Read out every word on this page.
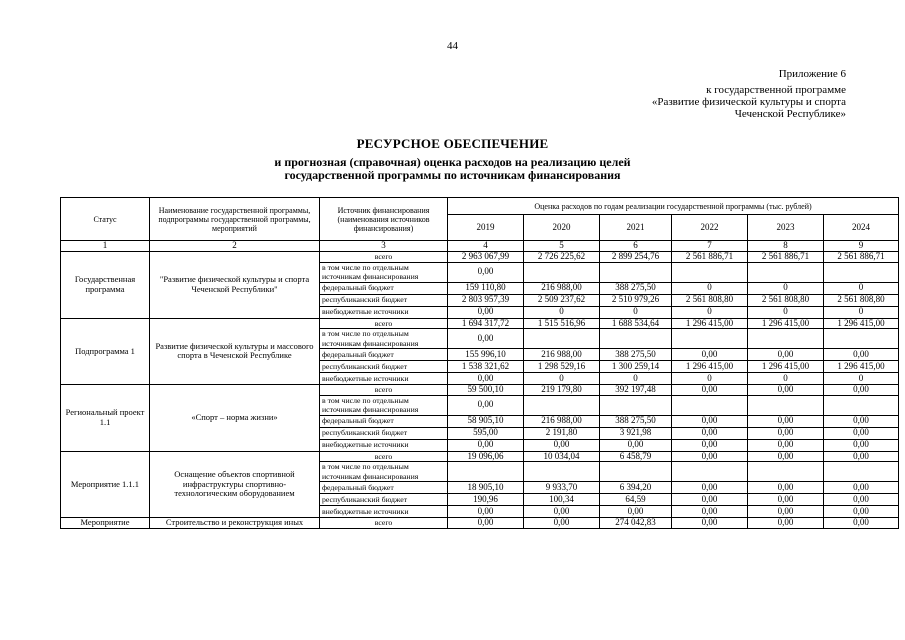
44
Приложение 6
к государственной программе
«Развитие физической культуры и спорта
Чеченской Республике»
РЕСУРСНОЕ ОБЕСПЕЧЕНИЕ
и прогнозная (справочная) оценка расходов на реализацию целей
государственной программы по источникам финансирования
Статус	Наименование государственной программы, подпрограммы государственной программы, мероприятий	Источник финансирования (наименования источников финансирования)	Оценка расходов по годам реализации государственной программы (тыс. рублей)					
			2019	2020	2021	2022	2023	2024
1	2	3	4	5	6	7	8	9
Государственная программа	"Развитие физической культуры и спорта Чеченской Республики"	всего	2 963 067,99	2 726 225,62	2 899 254,76	2 561 886,71	2 561 886,71	2 561 886,71
		в том числе по отдельным источникам финансирования	0,00					
		федеральный бюджет	159 110,80	216 988,00	388 275,50	0	0	0
		республиканский бюджет	2 803 957,39	2 509 237,62	2 510 979,26	2 561 808,80	2 561 808,80	2 561 808,80
		внебюджетные источники	0,00	0	0	0	0	0
Подпрограмма 1	Развитие физической культуры и массового спорта в Чеченской Республике	всего	1 694 317,72	1 515 516,96	1 688 534,64	1 296 415,00	1 296 415,00	1 296 415,00
		в том числе по отдельным источникам финансирования	0,00					
		федеральный бюджет	155 996,10	216 988,00	388 275,50	0,00	0,00	0,00
		республиканский бюджет	1 538 321,62	1 298 529,16	1 300 259,14	1 296 415,00	1 296 415,00	1 296 415,00
		внебюджетные источники	0,00	0	0	0	0	0
Региональный проект 1.1	«Спорт – норма жизни»	всего	59 500,10	219 179,80	392 197,48	0,00	0,00	0,00
		в том числе по отдельным источникам финансирования	0,00					
		федеральный бюджет	58 905,10	216 988,00	388 275,50	0,00	0,00	0,00
		республиканский бюджет	595,00	2 191,80	3 921,98	0,00	0,00	0,00
		внебюджетные источники	0,00	0,00	0,00	0,00	0,00	0,00
Мероприятие 1.1.1	Оснащение объектов спортивной инфраструктуры спортивно-технологическим оборудованием	всего	19 096,06	10 034,04	6 458,79	0,00	0,00	0,00
		в том числе по отдельным источникам финансирования						
		федеральный бюджет	18 905,10	9 933,70	6 394,20	0,00	0,00	0,00
		республиканский бюджет	190,96	100,34	64,59	0,00	0,00	0,00
		внебюджетные источники	0,00	0,00	0,00	0,00	0,00	0,00
Мероприятие	Строительство и реконструкция иных	всего	0,00	0,00	274 042,83	0,00	0,00	0,00
